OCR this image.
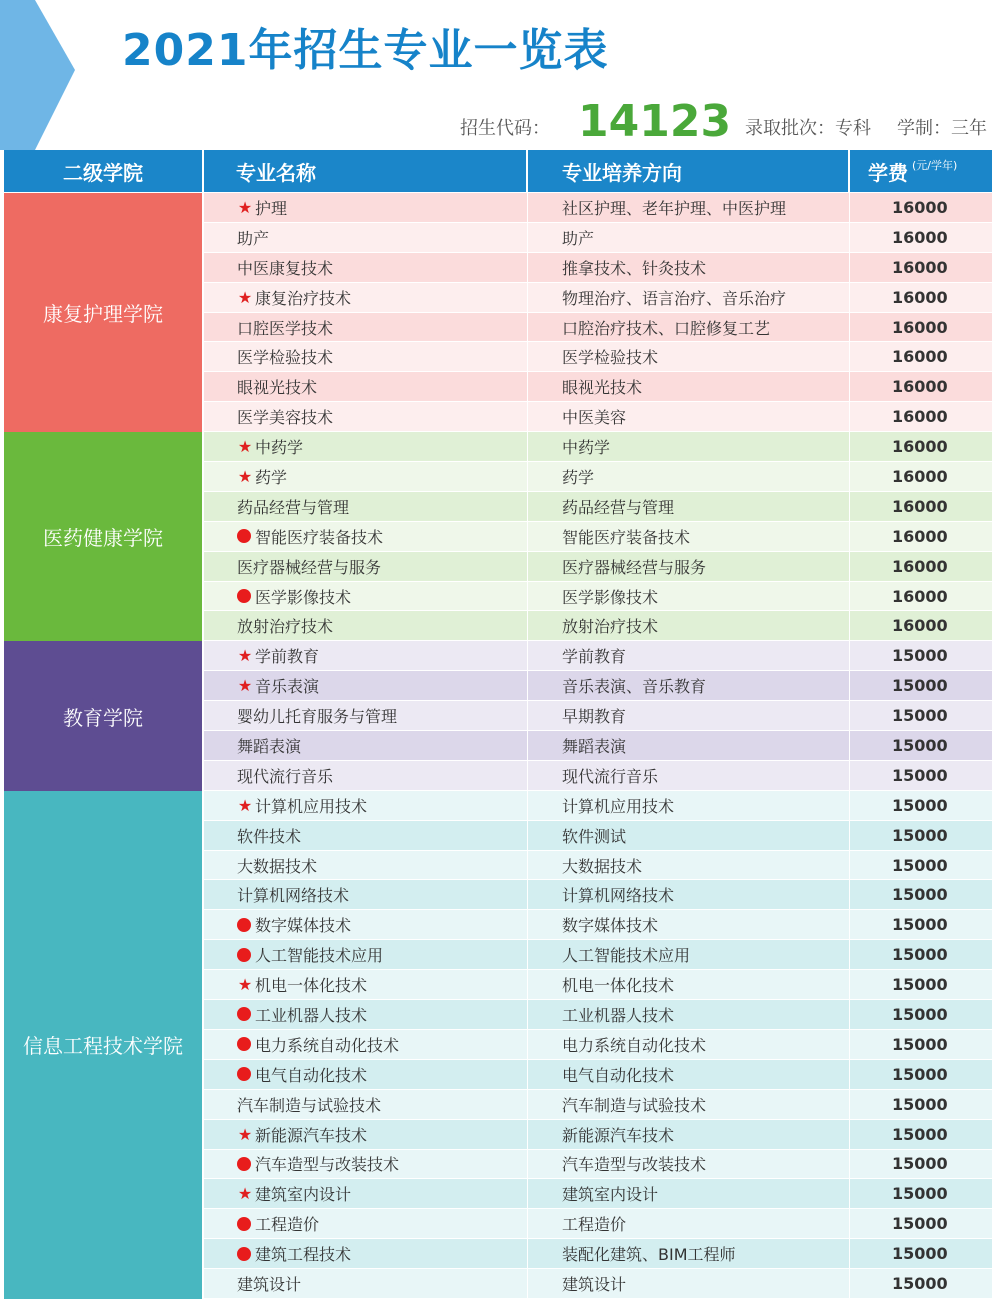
2021年招生专业一览表
招生代码： 14123 录取批次：专科 学制：三年
二级学院	专业名称	专业培养方向	学费 (元/学年)
康复护理学院
★ 护理	社区护理、老年护理、中医护理	16000
助产	助产	16000
中医康复技术	推拿技术、针灸技术	16000
★ 康复治疗技术	物理治疗、语言治疗、音乐治疗	16000
口腔医学技术	口腔治疗技术、口腔修复工艺	16000
医学检验技术	医学检验技术	16000
眼视光技术	眼视光技术	16000
医学美容技术	中医美容	16000
医药健康学院
★ 中药学	中药学	16000
★ 药学	药学	16000
药品经营与管理	药品经营与管理	16000
智能医疗装备技术	智能医疗装备技术	16000
医疗器械经营与服务	医疗器械经营与服务	16000
医学影像技术	医学影像技术	16000
放射治疗技术	放射治疗技术	16000
教育学院
★ 学前教育	学前教育	15000
★ 音乐表演	音乐表演、音乐教育	15000
婴幼儿托育服务与管理	早期教育	15000
舞蹈表演	舞蹈表演	15000
现代流行音乐	现代流行音乐	15000
信息工程技术学院
★ 计算机应用技术	计算机应用技术	15000
软件技术	软件测试	15000
大数据技术	大数据技术	15000
计算机网络技术	计算机网络技术	15000
数字媒体技术	数字媒体技术	15000
人工智能技术应用	人工智能技术应用	15000
★ 机电一体化技术	机电一体化技术	15000
工业机器人技术	工业机器人技术	15000
电力系统自动化技术	电力系统自动化技术	15000
电气自动化技术	电气自动化技术	15000
汽车制造与试验技术	汽车制造与试验技术	15000
★ 新能源汽车技术	新能源汽车技术	15000
汽车造型与改装技术	汽车造型与改装技术	15000
★ 建筑室内设计	建筑室内设计	15000
工程造价	工程造价	15000
建筑工程技术	装配化建筑、BIM工程师	15000
建筑设计	建筑设计	15000
